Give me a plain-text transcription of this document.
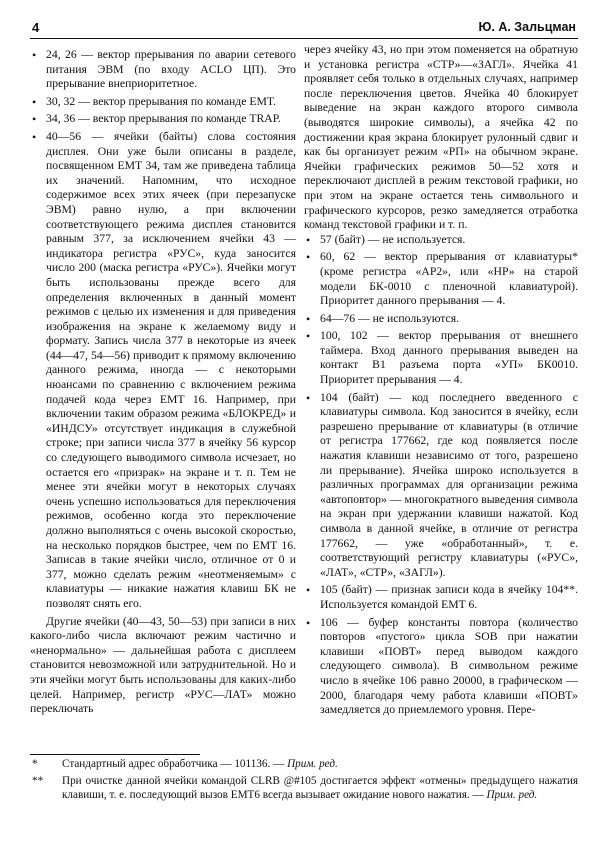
4	Ю. А. Зальцман
• 24, 26 — вектор прерывания по аварии сетевого питания ЭВМ (по входу ACLO ЦП). Это прерывание внеприоритетное.
• 30, 32 — вектор прерывания по команде EMT.
• 34, 36 — вектор прерывания по команде TRAP.
• 40—56 — ячейки (байты) слова состояния дисплея. Они уже были описаны в разделе, посвященном EMT 34, там же приведена таблица их значений. Напомним, что исходное содержимое всех этих ячеек (при перезапуске ЭВМ) равно нулю, а при включении соответствующего режима дисплея становится равным 377, за исключением ячейки 43 — индикатора регистра «РУС», куда заносится число 200 (маска регистра «РУС»). Ячейки могут быть использованы прежде всего для определения включенных в данный момент режимов с целью их изменения и для приведения изображения на экране к желаемому виду и формату. Запись числа 377 в некоторые из ячеек (44—47, 54—56) приводит к прямому включению данного режима, иногда — с некоторыми нюансами по сравнению с включением режима подачей кода через EMT 16. Например, при включении таким образом режима «БЛОКРЕД» и «ИНДСУ» отсутствует индикация в служебной строке; при записи числа 377 в ячейку 56 курсор со следующего выводимого символа исчезает, но остается его «призрак» на экране и т. п. Тем не менее эти ячейки могут в некоторых случаях очень успешно использоваться для переключения режимов, особенно когда это переключение должно выполняться с очень высокой скоростью, на несколько порядков быстрее, чем по EMT 16. Записав в такие ячейки число, отличное от 0 и 377, можно сделать режим «неотменяемым» с клавиатуры — никакие нажатия клавиш БК не позволят снять его.

Другие ячейки (40—43, 50—53) при записи в них какого-либо числа включают режим частично и «ненормально» — дальнейшая работа с дисплеем становится невозможной или затруднительной. Но и эти ячейки могут быть использованы для каких-либо целей. Например, регистр «РУС—ЛАТ» можно переключать

через ячейку 43, но при этом поменяется на обратную и установка регистра «СТР»—«ЗАГЛ». Ячейка 41 проявляет себя только в отдельных случаях, например после переключения цветов. Ячейка 40 блокирует выведение на экран каждого второго символа (выводятся широкие символы), а ячейка 42 по достижении края экрана блокирует рулонный сдвиг и как бы организует режим «РП» на обычном экране. Ячейки графических режимов 50—52 хотя и переключают дисплей в режим текстовой графики, но при этом на экране остается тень символьного и графического курсоров, резко замедляется отработка команд текстовой графики и т. п.

• 57 (байт) — не используется.
• 60, 62 — вектор прерывания от клавиатуры* (кроме регистра «АР2», или «НР» на старой модели БК-0010 с пленочной клавиатурой). Приоритет данного прерывания — 4.
• 64—76 — не используются.
• 100, 102 — вектор прерывания от внешнего таймера. Вход данного прерывания выведен на контакт В1 разъема порта «УП» БК0010. Приоритет прерывания — 4.
• 104 (байт) — код последнего введенного с клавиатуры символа. Код заносится в ячейку, если разрешено прерывание от клавиатуры (в отличие от регистра 177662, где код появляется после нажатия клавиши независимо от того, разрешено ли прерывание). Ячейка широко используется в различных программах для организации режима «автоповтор» — многократного выведения символа на экран при удержании клавиши нажатой. Код символа в данной ячейке, в отличие от регистра 177662, — уже «обработанный», т. е. соответствующий регистру клавиатуры («РУС», «ЛАТ», «СТР», «ЗАГЛ»).
• 105 (байт) — признак записи кода в ячейку 104**. Используется командой EMT 6.
• 106 — буфер константы повтора (количество повторов «пустого» цикла SOB при нажатии клавиши «ПОВТ» перед выводом каждого следующего символа). В символьном режиме число в ячейке 106 равно 20000, в графическом — 2000, благодаря чему работа клавиши «ПОВТ» замедляется до приемлемого уровня. Пере-
* Стандартный адрес обработчика — 101136. — Прим. ред.
** При очистке данной ячейки командой CLRB @#105 достигается эффект «отмены» предыдущего нажатия клавиши, т. е. последующий вызов EMT6 всегда вызывает ожидание нового нажатия. — Прим. ред.
